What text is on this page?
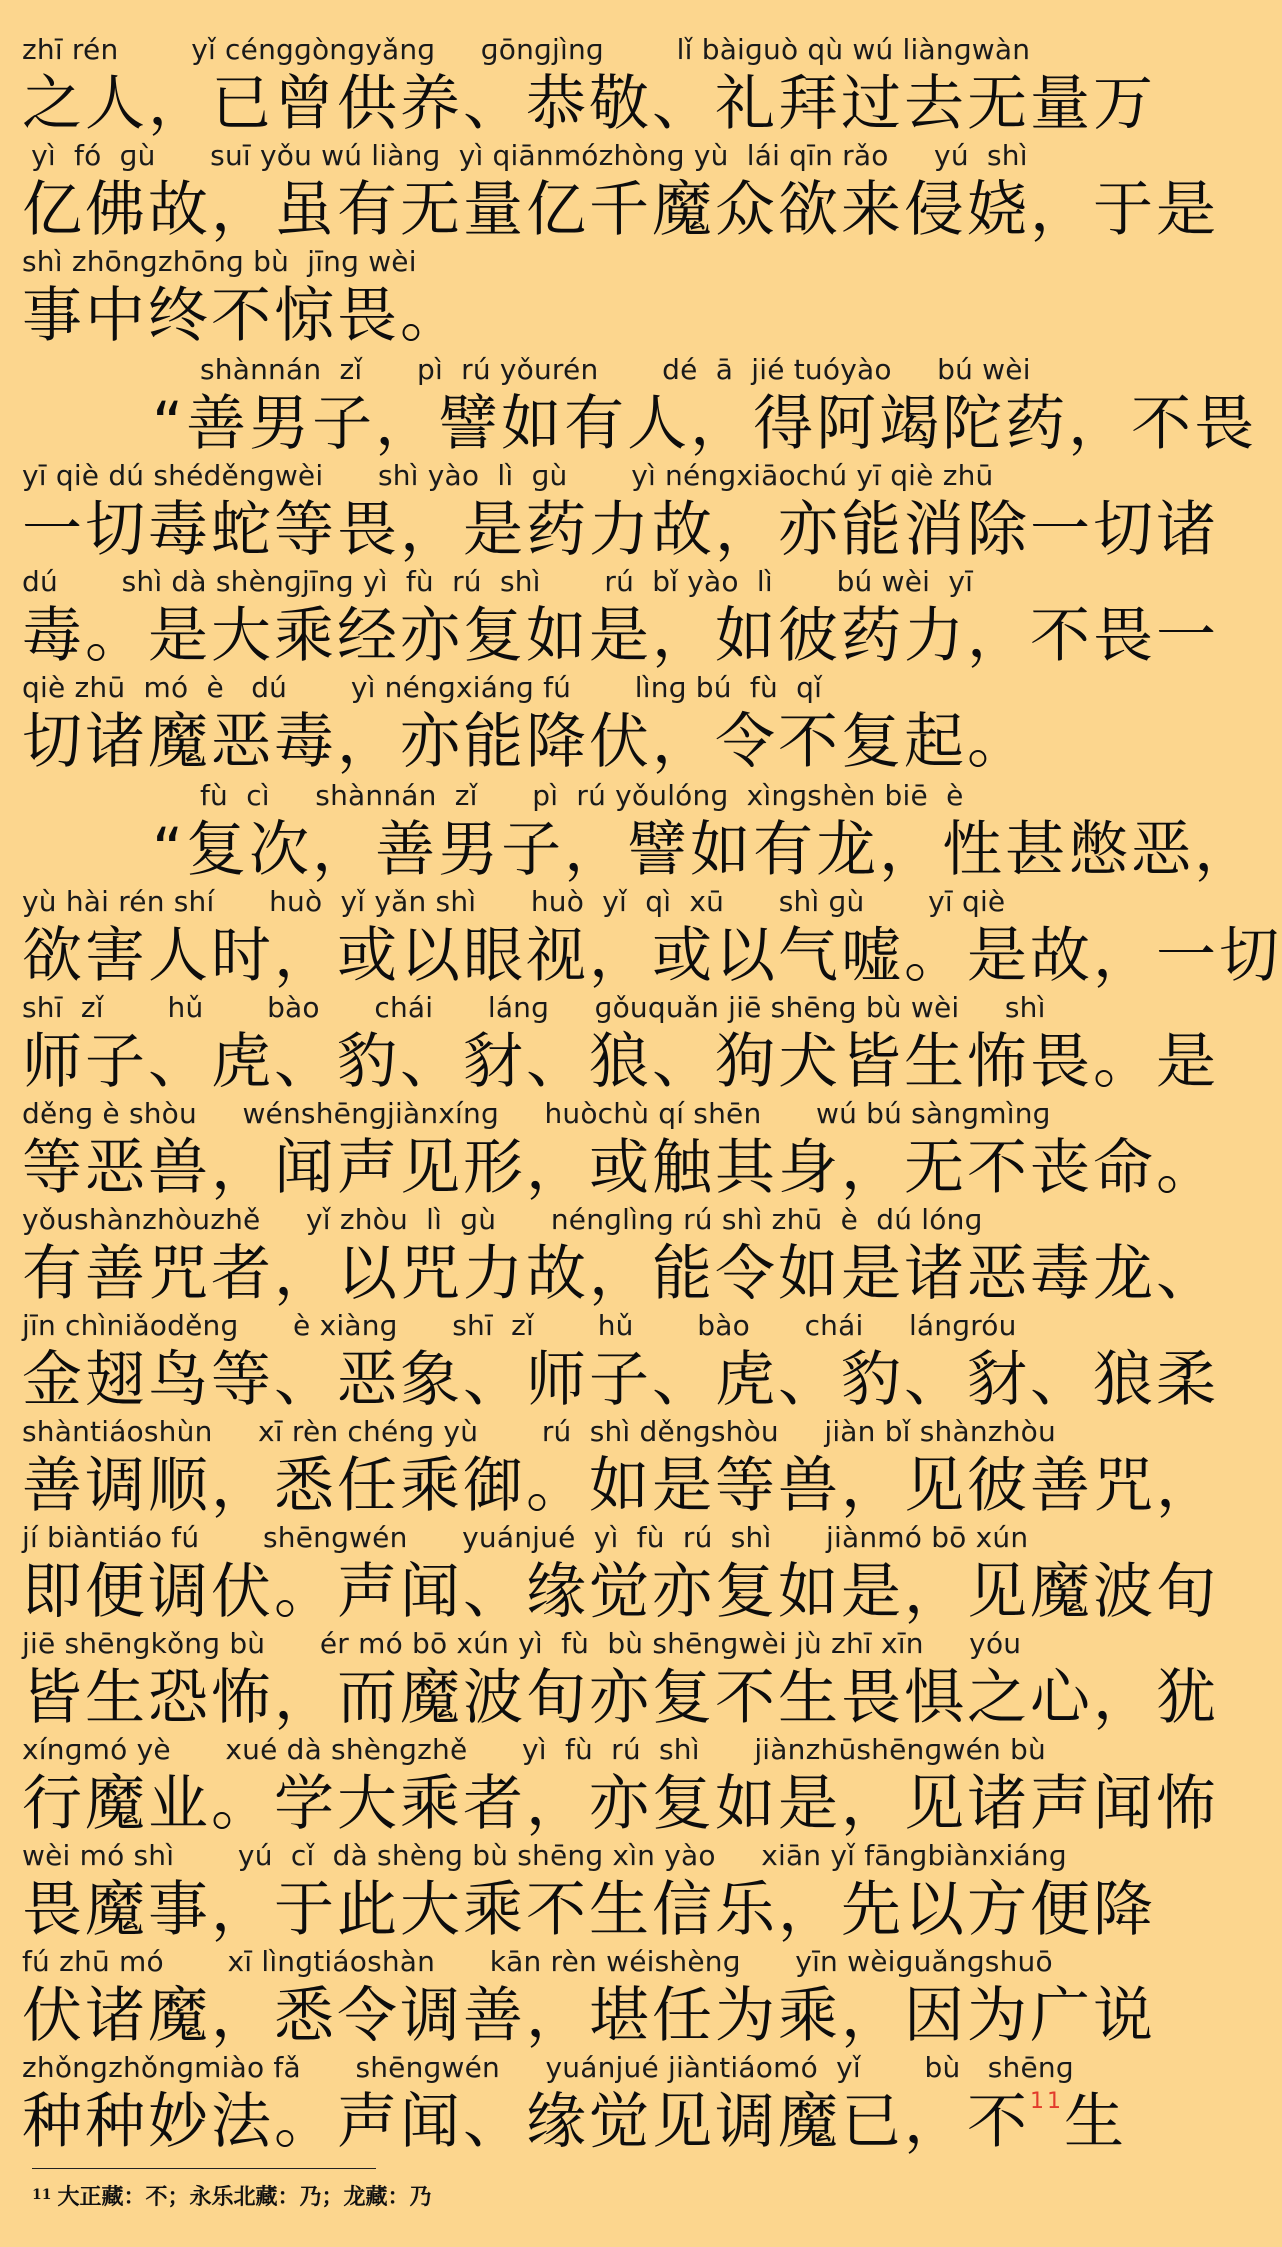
zhī rén        yǐ céngɡònɡyǎnɡ     ɡōnɡjìnɡ        lǐ bàiɡuò qù wú liànɡwàn
之人，已曾供养、恭敬、礼拜过去无量万
yì  fó  ɡù      suī yǒu wú liànɡ  yì qiānmózhònɡ yù  lái qīn rǎo     yú  shì
亿佛故，虽有无量亿千魔众欲来侵娆，于是
shì zhōnɡzhōnɡ bù  jīnɡ wèi
事中终不惊畏。
shànnán  zǐ      pì  rú yǒurén       dé  ā  jié tuóyào     bú wèi
“善男子，譬如有人，得阿竭陀药，不畏
yī qiè dú shéděnɡwèi      shì yào  lì  ɡù       yì nénɡxiāochú yī qiè zhū
一切毒蛇等畏，是药力故，亦能消除一切诸
dú       shì dà shènɡjīnɡ yì  fù  rú  shì       rú  bǐ yào  lì       bú wèi  yī
毒。是大乘经亦复如是，如彼药力，不畏一
qiè zhū  mó  è   dú       yì nénɡxiánɡ fú       lìnɡ bú  fù  qǐ
切诸魔恶毒，亦能降伏，令不复起。
fù  cì     shànnán  zǐ      pì  rú yǒulónɡ  xìnɡshèn biē  è
“复次，善男子，譬如有龙，性甚憋恶，
yù hài rén shí      huò  yǐ yǎn shì      huò  yǐ  qì  xū      shì ɡù       yī qiè
欲害人时，或以眼视，或以气嘘。是故，一切
shī  zǐ       hǔ       bào      chái      lánɡ     ɡǒuquǎn jiē shēnɡ bù wèi     shì
师子、虎、豹、豺、狼、狗犬皆生怖畏。是
děnɡ è shòu     wénshēnɡjiànxínɡ     huòchù qí shēn      wú bú sànɡmìnɡ
等恶兽，闻声见形，或触其身，无不丧命。
yǒushànzhòuzhě     yǐ zhòu  lì  ɡù      nénɡlìnɡ rú shì zhū  è  dú lónɡ
有善咒者，以咒力故，能令如是诸恶毒龙、
jīn chìniǎoděnɡ      è xiànɡ      shī  zǐ       hǔ       bào      chái     lánɡróu
金翅鸟等、恶象、师子、虎、豹、豺、狼柔
shàntiáoshùn     xī rèn chénɡ yù       rú  shì děnɡshòu     jiàn bǐ shànzhòu
善调顺，悉任乘御。如是等兽，见彼善咒，
jí biàntiáo fú       shēnɡwén      yuánjué  yì  fù  rú  shì      jiànmó bō xún
即便调伏。声闻、缘觉亦复如是，见魔波旬
jiē shēnɡkǒnɡ bù      ér mó bō xún yì  fù  bù shēnɡwèi jù zhī xīn     yóu
皆生恐怖，而魔波旬亦复不生畏惧之心，犹
xínɡmó yè      xué dà shènɡzhě      yì  fù  rú  shì      jiànzhūshēnɡwén bù
行魔业。学大乘者，亦复如是，见诸声闻怖
wèi mó shì       yú  cǐ  dà shènɡ bù shēnɡ xìn yào     xiān yǐ fānɡbiànxiánɡ
畏魔事，于此大乘不生信乐，先以方便降
fú zhū mó       xī lìnɡtiáoshàn      kān rèn wéishènɡ      yīn wèiɡuǎnɡshuō
伏诸魔，悉令调善，堪任为乘，因为广说
zhǒnɡzhǒnɡmiào fǎ      shēnɡwén     yuánjué jiàntiáomó  yǐ       bù   shēnɡ
种种妙法。声闻、缘觉见调魔已，不$^{11}$生
$^{11}$ 大正藏：不；永乐北藏：乃；龙藏：乃
